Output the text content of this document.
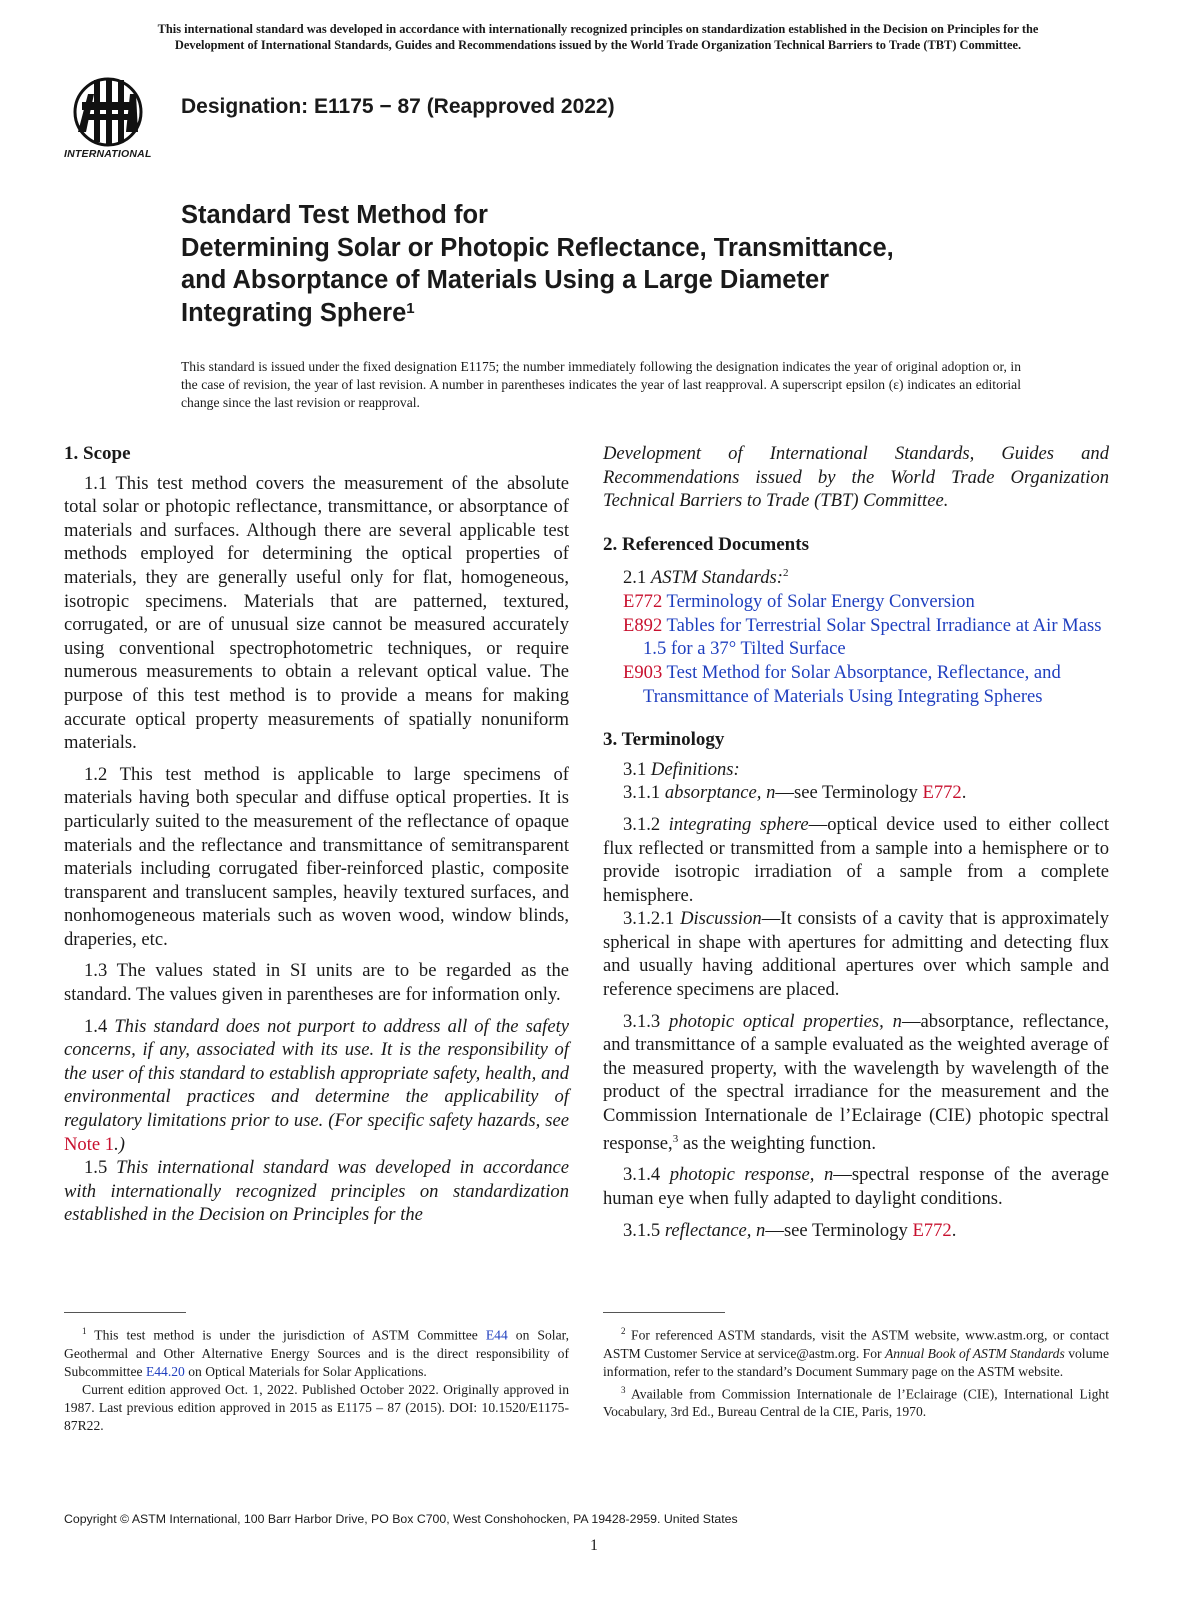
This international standard was developed in accordance with internationally recognized principles on standardization established in the Decision on Principles for the
Development of International Standards, Guides and Recommendations issued by the World Trade Organization Technical Barriers to Trade (TBT) Committee.
INTERNATIONAL
Designation: E1175 − 87 (Reapproved 2022)
Standard Test Method for
Determining Solar or Photopic Reflectance, Transmittance,
and Absorptance of Materials Using a Large Diameter
Integrating Sphere$^1$
This standard is issued under the fixed designation E1175; the number immediately following the designation indicates the year of original adoption or, in the case of revision, the year of last revision. A number in parentheses indicates the year of last reapproval. A superscript epsilon (ε) indicates an editorial change since the last revision or reapproval.

1. Scope

1.1 This test method covers the measurement of the absolute total solar or photopic reflectance, transmittance, or absorptance of materials and surfaces. Although there are several applicable test methods employed for determining the optical properties of materials, they are generally useful only for flat, homogeneous, isotropic specimens. Materials that are patterned, textured, corrugated, or are of unusual size cannot be measured accurately using conventional spectrophotometric techniques, or require numerous measurements to obtain a relevant optical value. The purpose of this test method is to provide a means for making accurate optical property measurements of spatially nonuniform materials.

1.2 This test method is applicable to large specimens of materials having both specular and diffuse optical properties. It is particularly suited to the measurement of the reflectance of opaque materials and the reflectance and transmittance of semitransparent materials including corrugated fiber-reinforced plastic, composite transparent and translucent samples, heavily textured surfaces, and nonhomogeneous materials such as woven wood, window blinds, draperies, etc.

1.3 The values stated in SI units are to be regarded as the standard. The values given in parentheses are for information only.

1.4 This standard does not purport to address all of the safety concerns, if any, associated with its use. It is the responsibility of the user of this standard to establish appropriate safety, health, and environmental practices and determine the applicability of regulatory limitations prior to use. (For specific safety hazards, see Note 1.)

1.5 This international standard was developed in accordance with internationally recognized principles on standardization established in the Decision on Principles for the

Development of International Standards, Guides and Recommendations issued by the World Trade Organization Technical Barriers to Trade (TBT) Committee.

2. Referenced Documents

2.1 ASTM Standards:$^2$

E772 Terminology of Solar Energy Conversion

E892 Tables for Terrestrial Solar Spectral Irradiance at Air Mass 1.5 for a 37° Tilted Surface

E903 Test Method for Solar Absorptance, Reflectance, and Transmittance of Materials Using Integrating Spheres

3. Terminology

3.1 Definitions:

3.1.1 absorptance, n—see Terminology E772.

3.1.2 integrating sphere—optical device used to either collect flux reflected or transmitted from a sample into a hemisphere or to provide isotropic irradiation of a sample from a complete hemisphere.

3.1.2.1 Discussion—It consists of a cavity that is approximately spherical in shape with apertures for admitting and detecting flux and usually having additional apertures over which sample and reference specimens are placed.

3.1.3 photopic optical properties, n—absorptance, reflectance, and transmittance of a sample evaluated as the weighted average of the measured property, with the wavelength by wavelength of the product of the spectral irradiance for the measurement and the Commission Internationale de l’Eclairage (CIE) photopic spectral response,$^3$ as the weighting function.

3.1.4 photopic response, n—spectral response of the average human eye when fully adapted to daylight conditions.

3.1.5 reflectance, n—see Terminology E772.

$^1$ This test method is under the jurisdiction of ASTM Committee E44 on Solar, Geothermal and Other Alternative Energy Sources and is the direct responsibility of Subcommittee E44.20 on Optical Materials for Solar Applications.

Current edition approved Oct. 1, 2022. Published October 2022. Originally approved in 1987. Last previous edition approved in 2015 as E1175 – 87 (2015). DOI: 10.1520/E1175-87R22.

$^2$ For referenced ASTM standards, visit the ASTM website, www.astm.org, or contact ASTM Customer Service at service@astm.org. For Annual Book of ASTM Standards volume information, refer to the standard’s Document Summary page on the ASTM website.

$^3$ Available from Commission Internationale de l’Eclairage (CIE), International Light Vocabulary, 3rd Ed., Bureau Central de la CIE, Paris, 1970.

Copyright © ASTM International, 100 Barr Harbor Drive, PO Box C700, West Conshohocken, PA 19428-2959. United States
1
